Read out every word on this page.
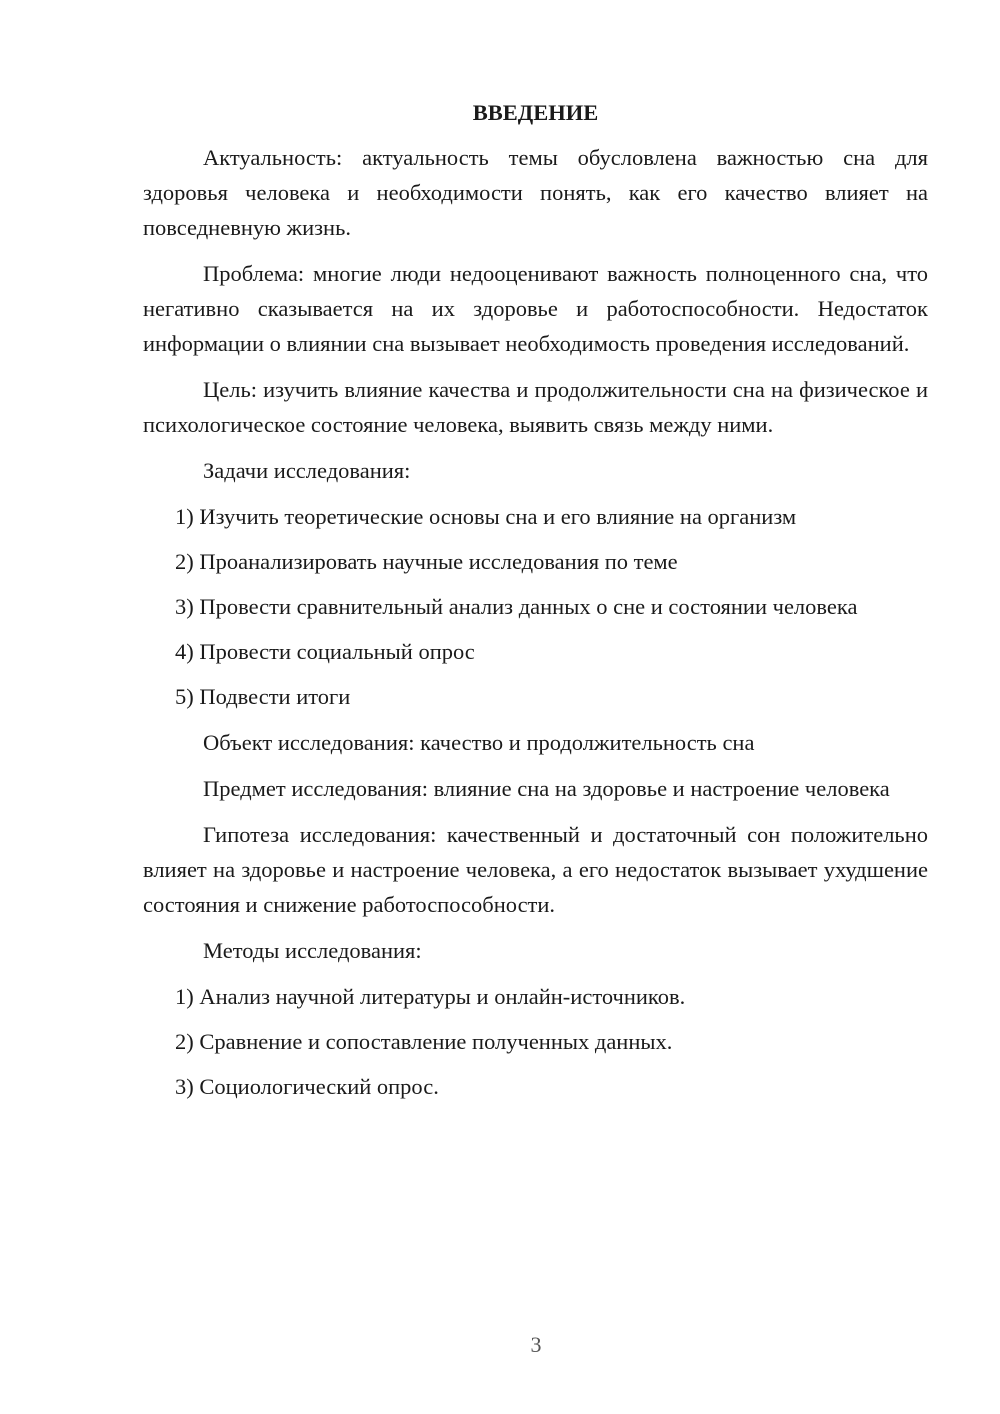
ВВЕДЕНИЕ

Актуальность: актуальность темы обусловлена важностью сна для здоровья человека и необходимости понять, как его качество влияет на повседневную жизнь.

Проблема: многие люди недооценивают важность полноценного сна, что негативно сказывается на их здоровье и работоспособности. Недостаток информации о влиянии сна вызывает необходимость проведения исследований.

Цель: изучить влияние качества и продолжительности сна на физическое и психологическое состояние человека, выявить связь между ними.

Задачи исследования:

1) Изучить теоретические основы сна и его влияние на организм
2) Проанализировать научные исследования по теме
3) Провести сравнительный анализ данных о сне и состоянии человека
4) Провести социальный опрос
5) Подвести итоги

Объект исследования: качество и продолжительность сна

Предмет исследования: влияние сна на здоровье и настроение человека

Гипотеза исследования: качественный и достаточный сон положительно влияет на здоровье и настроение человека, а его недостаток вызывает ухудшение состояния и снижение работоспособности.

Методы исследования:

1) Анализ научной литературы и онлайн-источников.
2) Сравнение и сопоставление полученных данных.
3) Социологический опрос.
3
